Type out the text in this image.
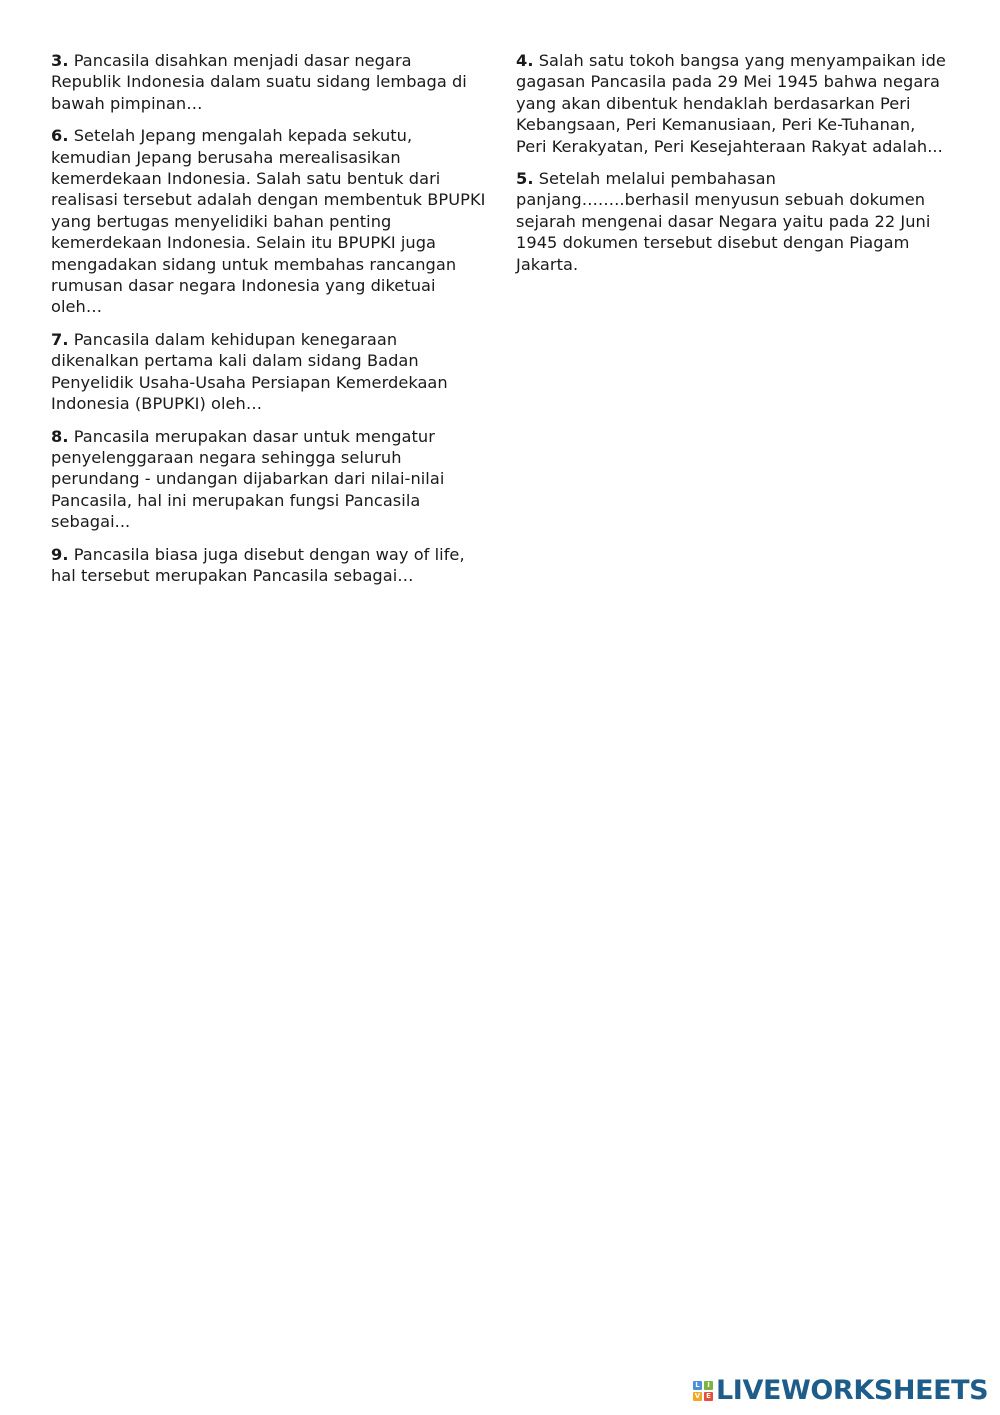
3. Pancasila disahkan menjadi dasar negara Republik Indonesia dalam suatu sidang lembaga di bawah pimpinan…

6. Setelah Jepang mengalah kepada sekutu, kemudian Jepang berusaha merealisasikan kemerdekaan Indonesia. Salah satu bentuk dari realisasi tersebut adalah dengan membentuk BPUPKI yang bertugas menyelidiki bahan penting kemerdekaan Indonesia. Selain itu BPUPKI juga mengadakan sidang untuk membahas rancangan rumusan dasar negara Indonesia yang diketuai oleh…

7. Pancasila dalam kehidupan kenegaraan dikenalkan pertama kali dalam sidang Badan Penyelidik Usaha-Usaha Persiapan Kemerdekaan Indonesia (BPUPKI) oleh…

8. Pancasila merupakan dasar untuk mengatur penyelenggaraan negara sehingga seluruh perundang - undangan dijabarkan dari nilai-nilai Pancasila, hal ini merupakan fungsi Pancasila sebagai...

9. Pancasila biasa juga disebut dengan way of life, hal tersebut merupakan Pancasila sebagai…

4. Salah satu tokoh bangsa yang menyampaikan ide gagasan Pancasila pada 29 Mei 1945 bahwa negara yang akan dibentuk hendaklah berdasarkan Peri Kebangsaan, Peri Kemanusiaan, Peri Ke-Tuhanan, Peri Kerakyatan, Peri Kesejahteraan Rakyat adalah...

5. Setelah melalui pembahasan panjang….….berhasil menyusun sebuah dokumen sejarah mengenai dasar Negara yaitu pada 22 Juni 1945 dokumen tersebut disebut dengan Piagam Jakarta.

L	I
V E LIVEWORKSHEETS
